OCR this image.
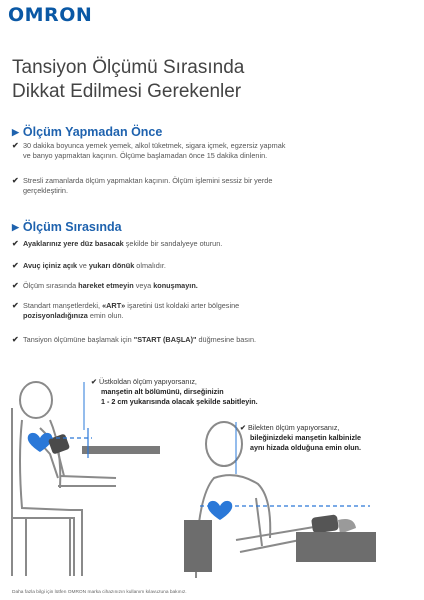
OMRON
Tansiyon Ölçümü Sırasında
Dikkat Edilmesi Gerekenler
▶ Ölçüm Yapmadan Önce
✔ 30 dakika boyunca yemek yemek, alkol tüketmek, sigara içmek, egzersiz yapmak
ve banyo yapmaktan kaçının. Ölçüme başlamadan önce 15 dakika dinlenin.
✔ Stresli zamanlarda ölçüm yapmaktan kaçının. Ölçüm işlemini sessiz bir yerde
gerçekleştirin.
▶ Ölçüm Sırasında
✔ Ayaklarınız yere düz basacak şekilde bir sandalyeye oturun.
✔ Avuç içiniz açık ve yukarı dönük olmalıdır.
✔ Ölçüm sırasında hareket etmeyin veya konuşmayın.
✔ Standart manşetlerdeki, «ART» işaretini üst koldaki arter bölgesine
pozisyonladığınıza emin olun.
✔ Tansiyon ölçümüne başlamak için "START (BAŞLA)" düğmesine basın.
✔ Üstkoldan ölçüm yapıyorsanız,
manşetin alt bölümünü, dirseğinizin
1 - 2 cm yukarısında olacak şekilde sabitleyin.
✔ Bilekten ölçüm yapıyorsanız,
bileğinizdeki manşetin kalbinizle
aynı hizada olduğuna emin olun.
Daha fazla bilgi için lütfen OMRON marka cihazınızın kullanım kılavuzuna bakınız.
